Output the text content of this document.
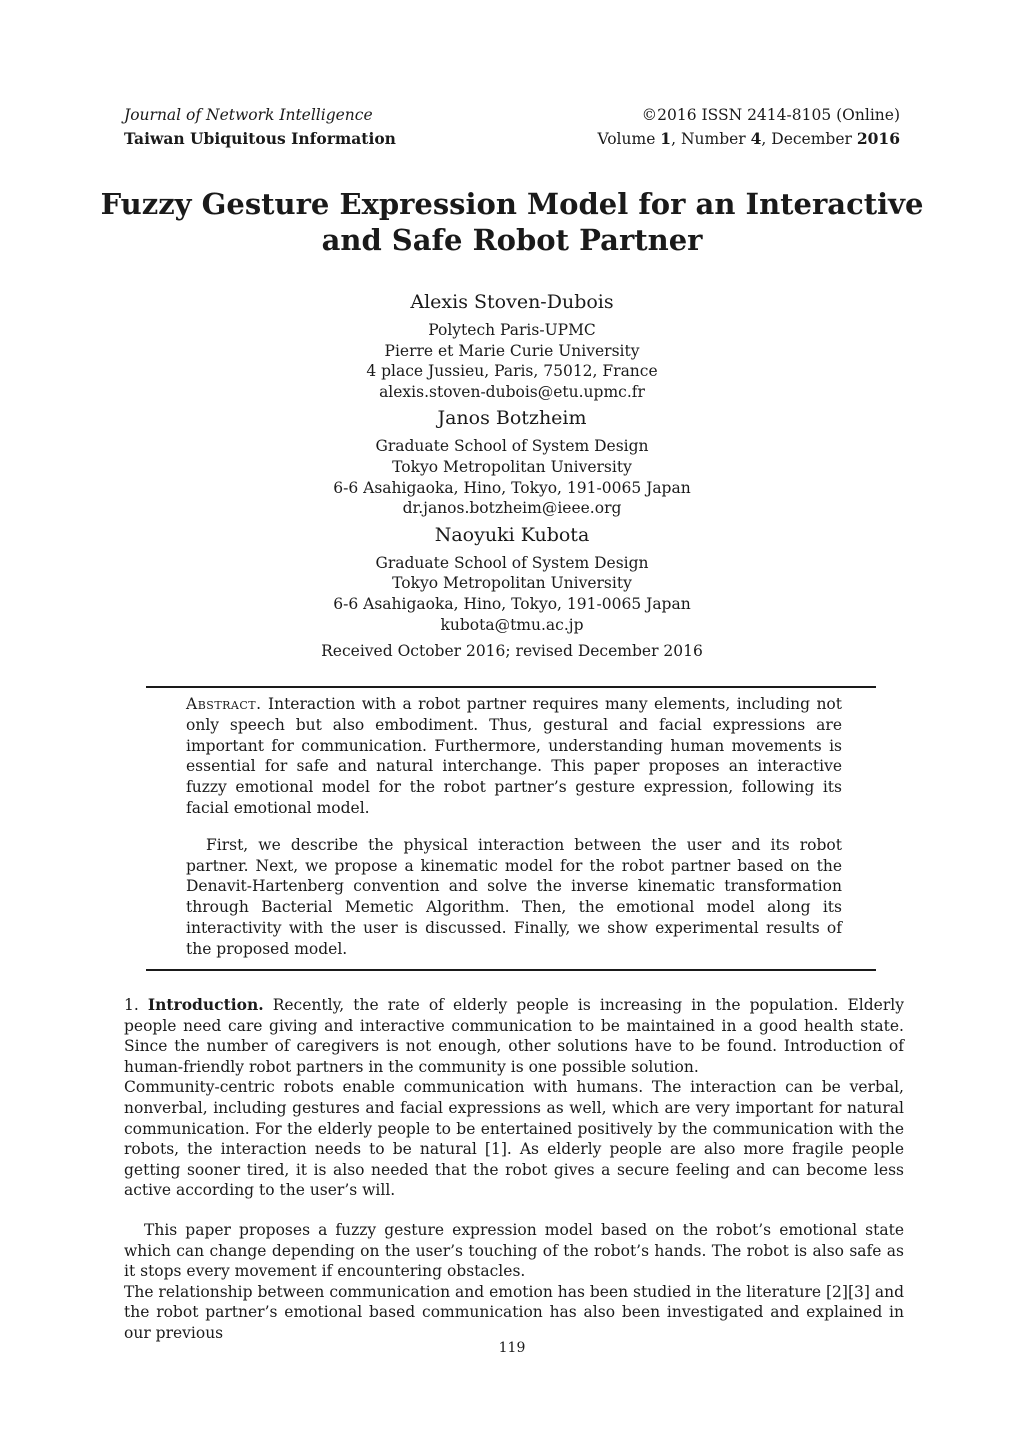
Journal of Network Intelligence
Taiwan Ubiquitous Information
©2016 ISSN 2414-8105 (Online)
Volume 1, Number 4, December 2016
Fuzzy Gesture Expression Model for an Interactive
and Safe Robot Partner
Alexis Stoven-Dubois
Polytech Paris-UPMC
Pierre et Marie Curie University
4 place Jussieu, Paris, 75012, France
alexis.stoven-dubois@etu.upmc.fr
Janos Botzheim
Graduate School of System Design
Tokyo Metropolitan University
6-6 Asahigaoka, Hino, Tokyo, 191-0065 Japan
dr.janos.botzheim@ieee.org
Naoyuki Kubota
Graduate School of System Design
Tokyo Metropolitan University
6-6 Asahigaoka, Hino, Tokyo, 191-0065 Japan
kubota@tmu.ac.jp
Received October 2016; revised December 2016

Abstract. Interaction with a robot partner requires many elements, including not only speech but also embodiment. Thus, gestural and facial expressions are important for communication. Furthermore, understanding human movements is essential for safe and natural interchange. This paper proposes an interactive fuzzy emotional model for the robot partner’s gesture expression, following its facial emotional model.

First, we describe the physical interaction between the user and its robot partner. Next, we propose a kinematic model for the robot partner based on the Denavit-Hartenberg convention and solve the inverse kinematic transformation through Bacterial Memetic Algorithm. Then, the emotional model along its interactivity with the user is discussed. Finally, we show experimental results of the proposed model.

1. Introduction. Recently, the rate of elderly people is increasing in the population. Elderly people need care giving and interactive communication to be maintained in a good health state. Since the number of caregivers is not enough, other solutions have to be found. Introduction of human-friendly robot partners in the community is one possible solution.

Community-centric robots enable communication with humans. The interaction can be verbal, nonverbal, including gestures and facial expressions as well, which are very important for natural communication. For the elderly people to be entertained positively by the communication with the robots, the interaction needs to be natural [1]. As elderly people are also more fragile people getting sooner tired, it is also needed that the robot gives a secure feeling and can become less active according to the user’s will.

This paper proposes a fuzzy gesture expression model based on the robot’s emotional state which can change depending on the user’s touching of the robot’s hands. The robot is also safe as it stops every movement if encountering obstacles.

The relationship between communication and emotion has been studied in the literature [2][3] and the robot partner’s emotional based communication has also been investigated and explained in our previous

119
